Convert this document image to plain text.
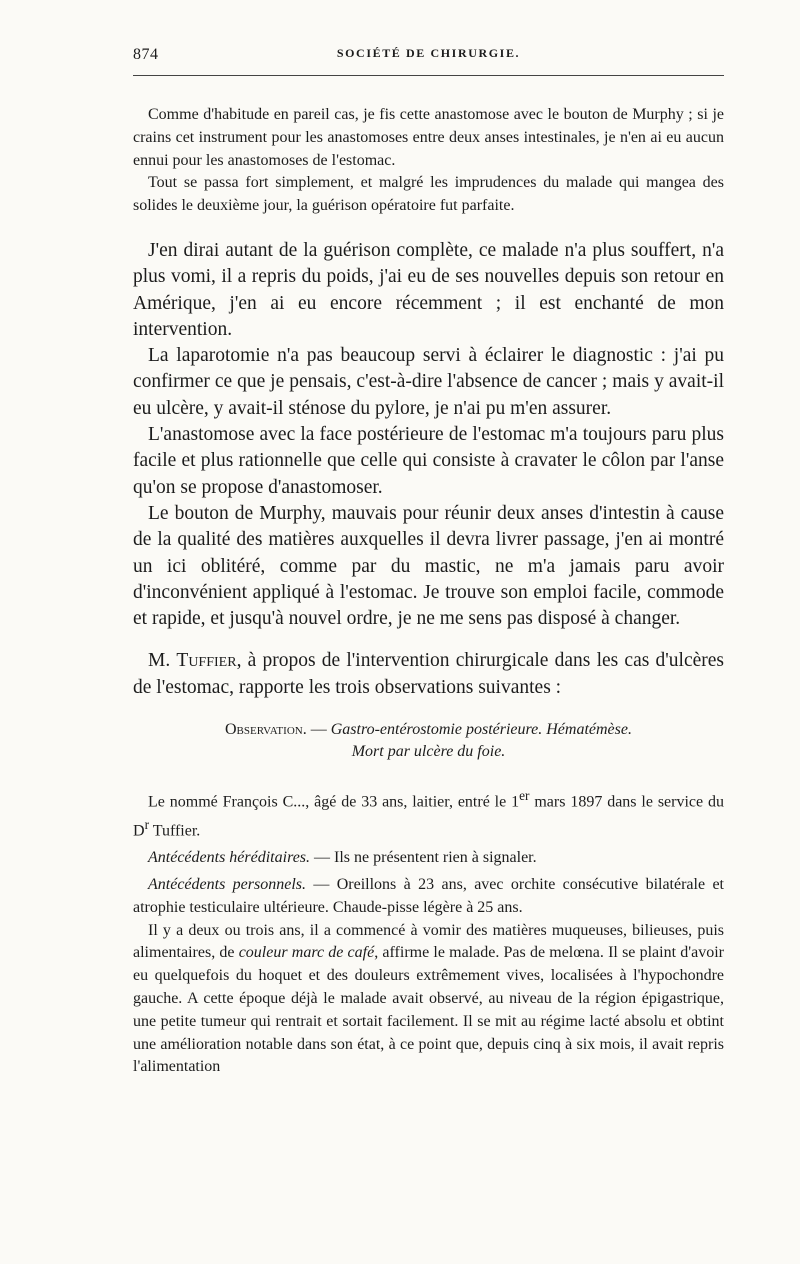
874	SOCIÉTÉ DE CHIRURGIE.

Comme d'habitude en pareil cas, je fis cette anastomose avec le bouton de Murphy ; si je crains cet instrument pour les anastomoses entre deux anses intestinales, je n'en ai eu aucun ennui pour les anastomoses de l'estomac.

Tout se passa fort simplement, et malgré les imprudences du malade qui mangea des solides le deuxième jour, la guérison opératoire fut parfaite.

J'en dirai autant de la guérison complète, ce malade n'a plus souffert, n'a plus vomi, il a repris du poids, j'ai eu de ses nouvelles depuis son retour en Amérique, j'en ai eu encore récemment ; il est enchanté de mon intervention.

La laparotomie n'a pas beaucoup servi à éclairer le diagnostic : j'ai pu confirmer ce que je pensais, c'est-à-dire l'absence de cancer ; mais y avait-il eu ulcère, y avait-il sténose du pylore, je n'ai pu m'en assurer.

L'anastomose avec la face postérieure de l'estomac m'a toujours paru plus facile et plus rationnelle que celle qui consiste à cravater le côlon par l'anse qu'on se propose d'anastomoser.

Le bouton de Murphy, mauvais pour réunir deux anses d'intestin à cause de la qualité des matières auxquelles il devra livrer passage, j'en ai montré un ici oblitéré, comme par du mastic, ne m'a jamais paru avoir d'inconvénient appliqué à l'estomac. Je trouve son emploi facile, commode et rapide, et jusqu'à nouvel ordre, je ne me sens pas disposé à changer.

M. Tuffier, à propos de l'intervention chirurgicale dans les cas d'ulcères de l'estomac, rapporte les trois observations suivantes :

Observation. — Gastro-entérostomie postérieure. Hématémèse.
Mort par ulcère du foie.

Le nommé François C..., âgé de 33 ans, laitier, entré le 1er mars 1897 dans le service du $D^r$ Tuffier.

Antécédents héréditaires. — Ils ne présentent rien à signaler.

Antécédents personnels. — Oreillons à 23 ans, avec orchite consécutive bilatérale et atrophie testiculaire ultérieure. Chaude-pisse légère à 25 ans.

Il y a deux ou trois ans, il a commencé à vomir des matières muqueuses, bilieuses, puis alimentaires, de couleur marc de café, affirme le malade. Pas de melœna. Il se plaint d'avoir eu quelquefois du hoquet et des douleurs extrêmement vives, localisées à l'hypochondre gauche. A cette époque déjà le malade avait observé, au niveau de la région épigastrique, une petite tumeur qui rentrait et sortait facilement. Il se mit au régime lacté absolu et obtint une amélioration notable dans son état, à ce point que, depuis cinq à six mois, il avait repris l'alimentation
